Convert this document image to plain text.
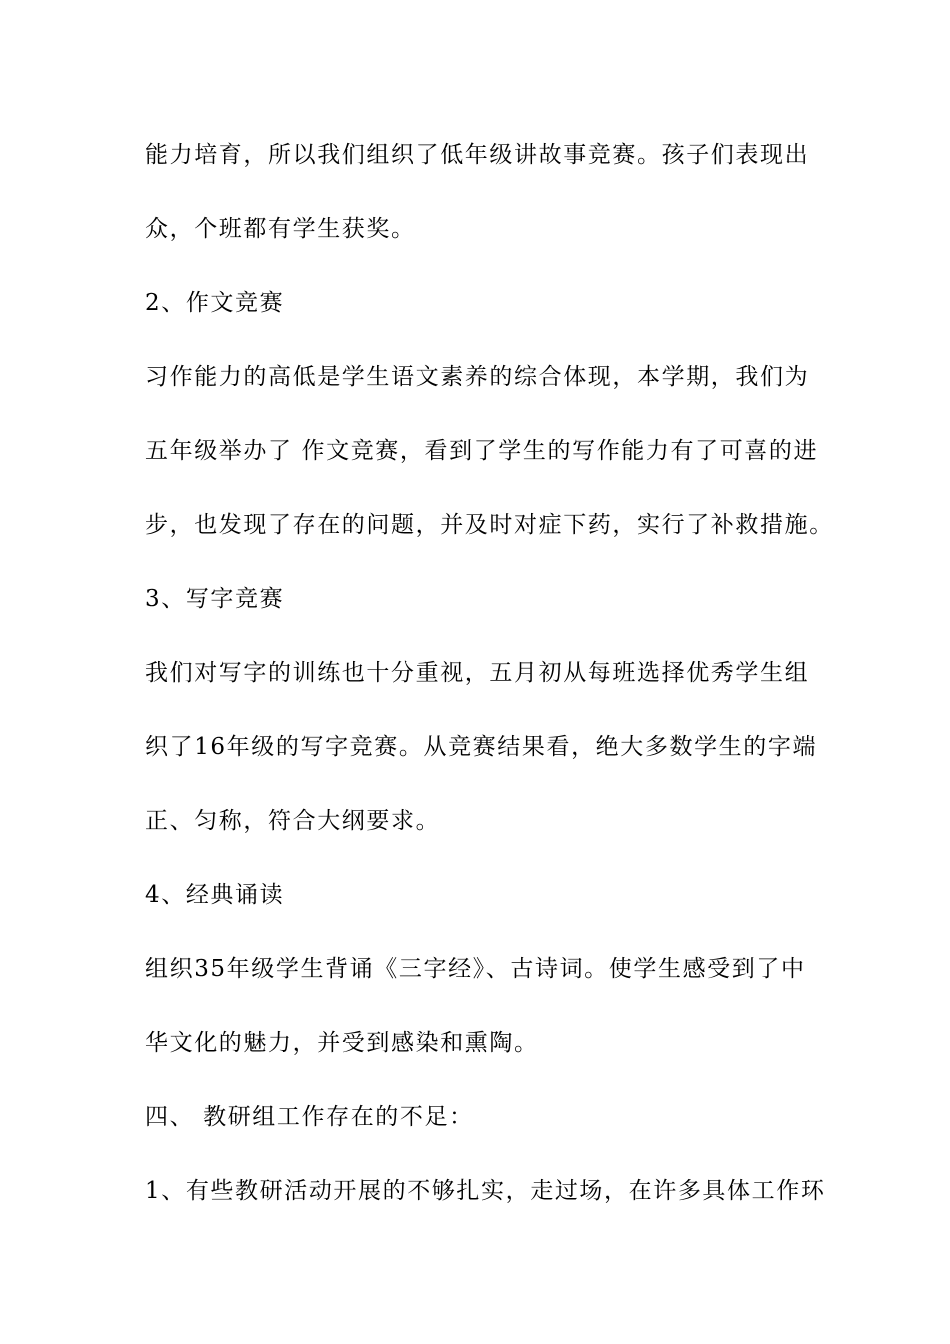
能力培育，所以我们组织了低年级讲故事竞赛。孩子们表现出
众，个班都有学生获奖。
2、作文竞赛
习作能力的高低是学生语文素养的综合体现，本学期，我们为
五年级举办了 作文竞赛，看到了学生的写作能力有了可喜的进
步，也发现了存在的问题，并及时对症下药，实行了补救措施。
3、写字竞赛
我们对写字的训练也十分重视，五月初从每班选择优秀学生组
织了16年级的写字竞赛。从竞赛结果看，绝大多数学生的字端
正、匀称，符合大纲要求。
4、经典诵读
组织35年级学生背诵《三字经》、古诗词。使学生感受到了中
华文化的魅力，并受到感染和熏陶。
四、 教研组工作存在的不足：
1、有些教研活动开展的不够扎实，走过场，在许多具体工作环
